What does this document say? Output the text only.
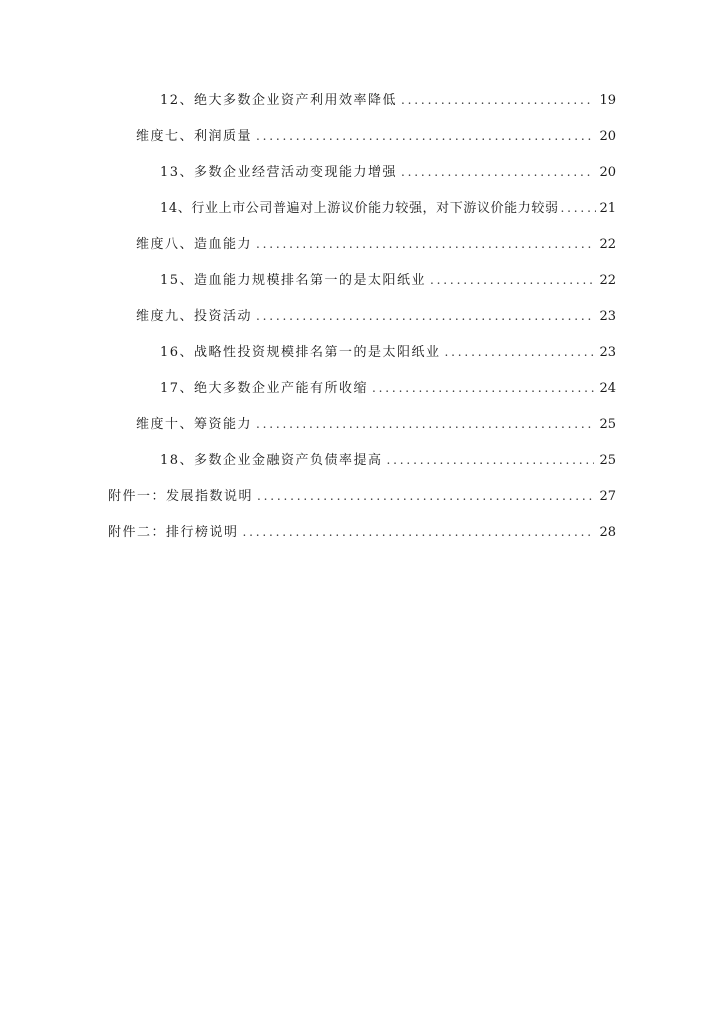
12、绝大多数企业资产利用效率降低 . . .	19
维度七、利润质量 . . .	20
13、多数企业经营活动变现能力增强 . . .	20
14、行业上市公司普遍对上游议价能力较强，对下游议价能力较弱 . . .	21
维度八、造血能力 . . .	22
15、造血能力规模排名第一的是太阳纸业 . . .	22
维度九、投资活动 . . .	23
16、战略性投资规模排名第一的是太阳纸业 . . .	23
17、绝大多数企业产能有所收缩 . . .	24
维度十、筹资能力 . . .	25
18、多数企业金融资产负债率提高 . . .	25
附件一：发展指数说明 . . .	27
附件二：排行榜说明 . . .	28
